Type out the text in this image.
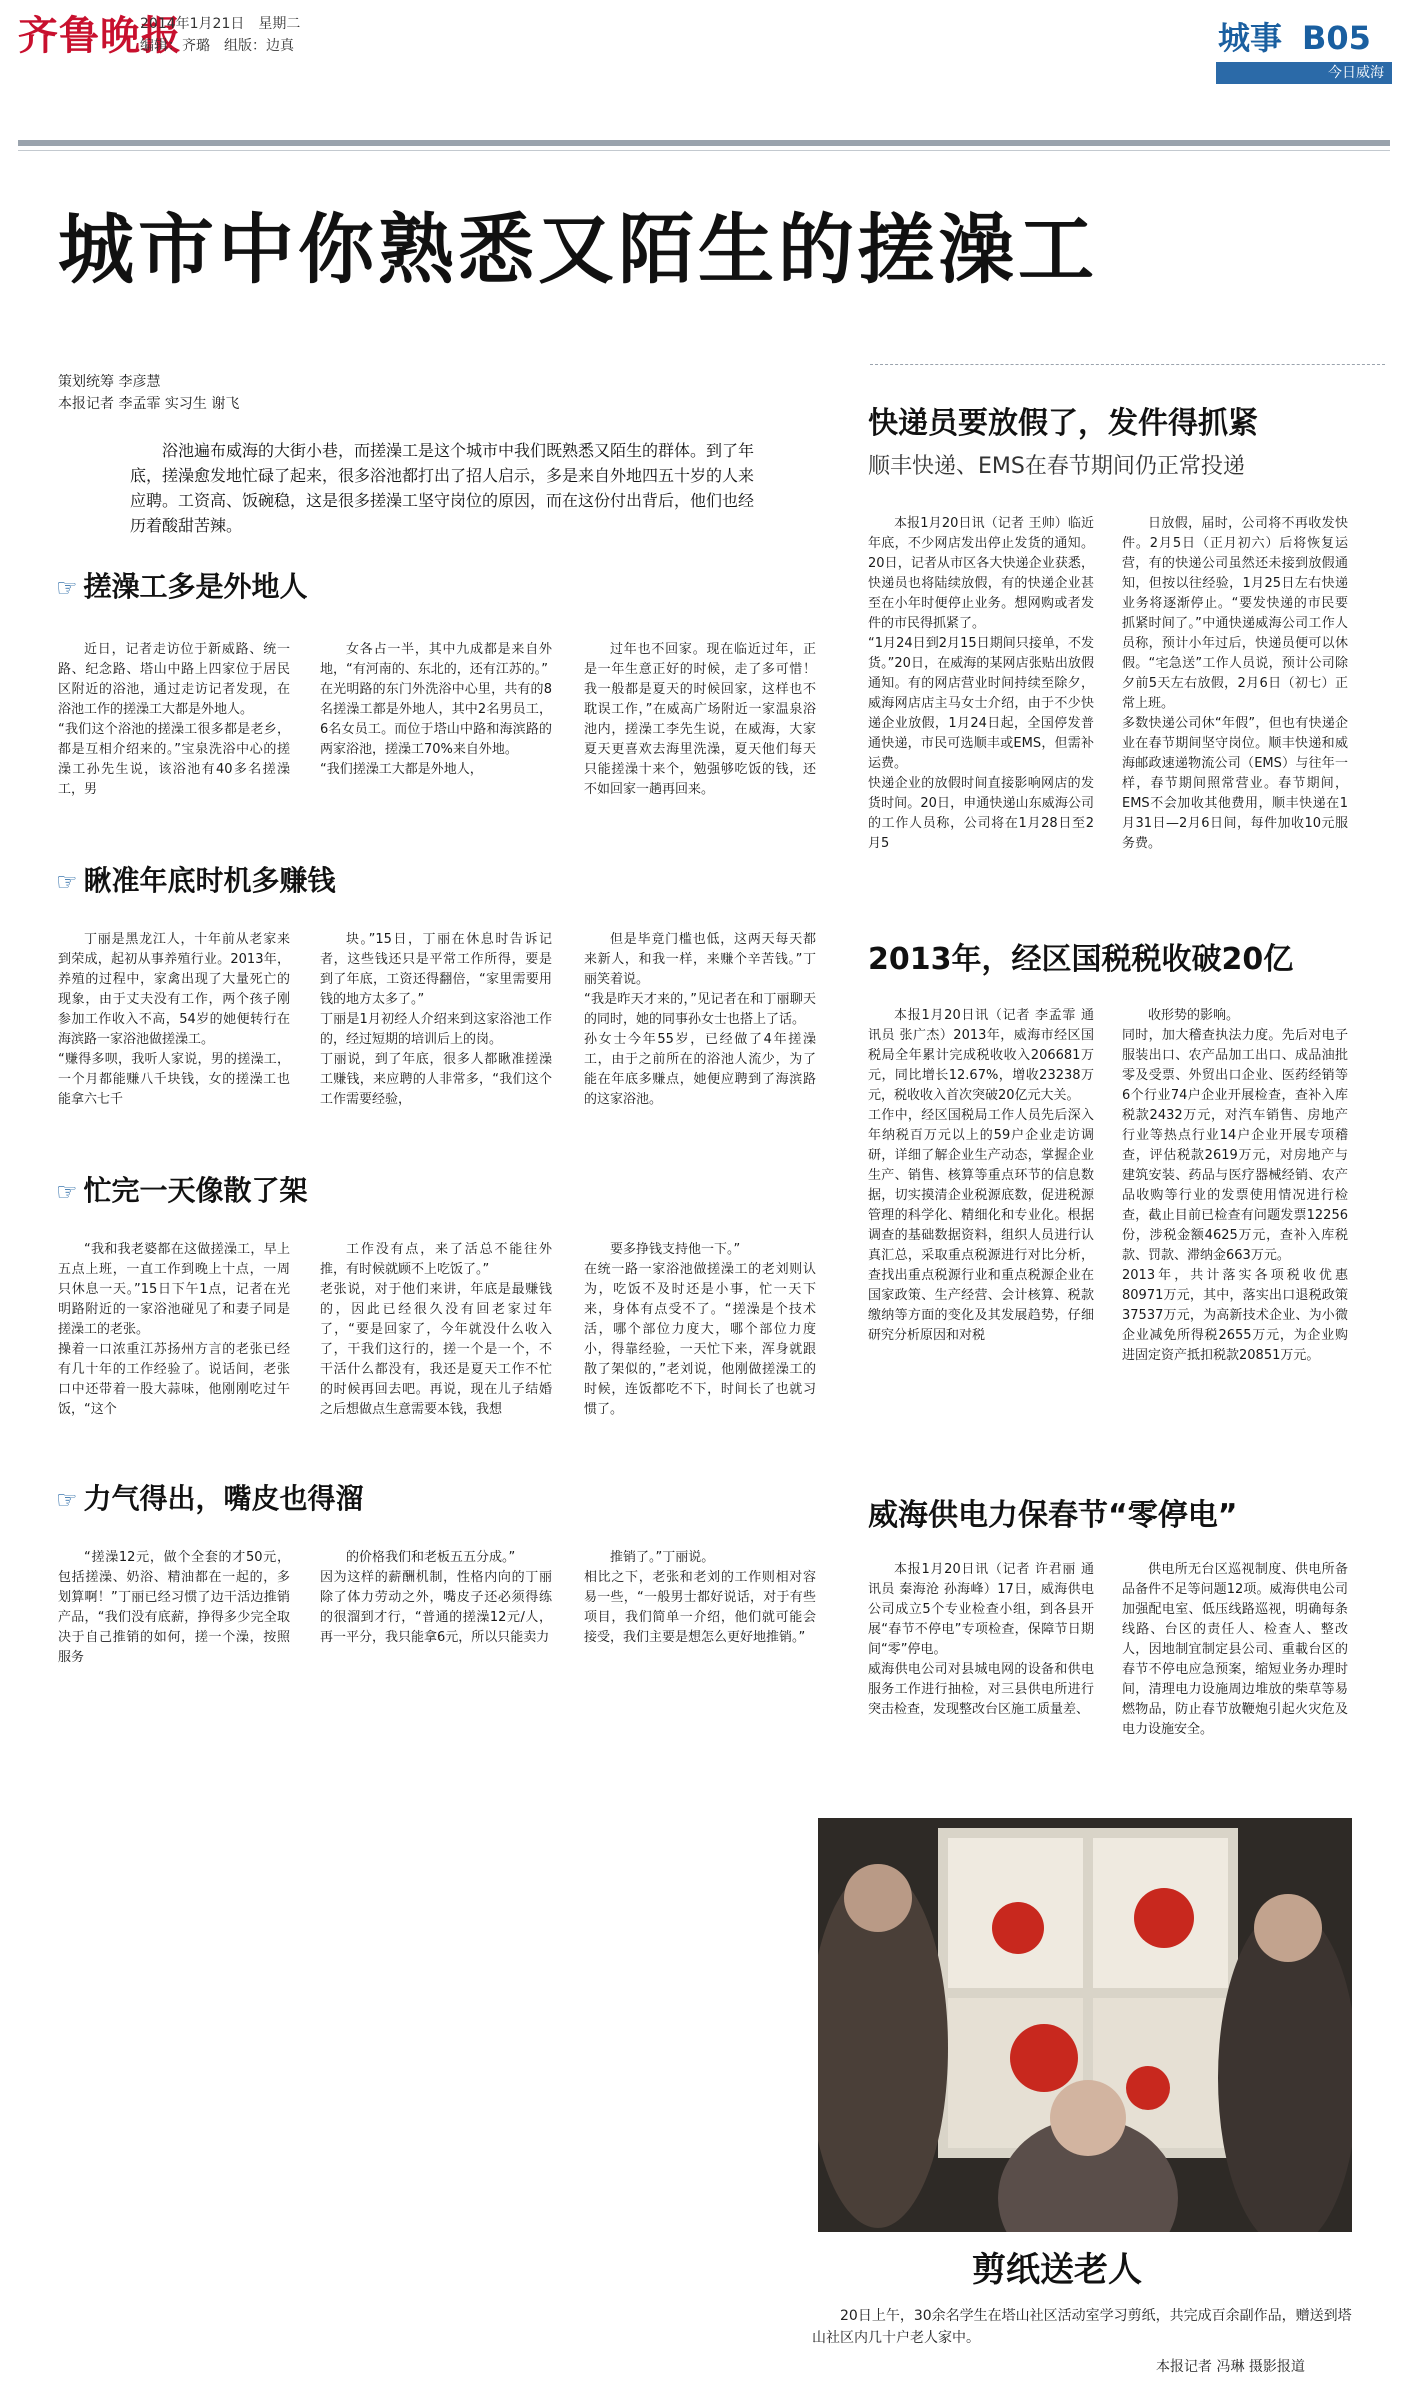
齐鲁晚报
2014年1月21日　星期二
编辑：齐璐　组版：边真	城事 B05
今日威海
城市中你熟悉又陌生的搓澡工
策划统筹 李彦慧
本报记者 李孟霏 实习生 谢飞
浴池遍布威海的大街小巷，而搓澡工是这个城市中我们既熟悉又陌生的群体。到了年底，搓澡愈发地忙碌了起来，很多浴池都打出了招人启示，多是来自外地四五十岁的人来应聘。工资高、饭碗稳，这是很多搓澡工坚守岗位的原因，而在这份付出背后，他们也经历着酸甜苦辣。
☞ 搓澡工多是外地人

近日，记者走访位于新威路、统一路、纪念路、塔山中路上四家位于居民区附近的浴池，通过走访记者发现，在浴池工作的搓澡工大都是外地人。
“我们这个浴池的搓澡工很多都是老乡，都是互相介绍来的。”宝泉洗浴中心的搓澡工孙先生说，该浴池有40多名搓澡工，男

女各占一半，其中九成都是来自外地，“有河南的、东北的，还有江苏的。”
在光明路的东门外洗浴中心里，共有的8名搓澡工都是外地人，其中2名男员工，6名女员工。而位于塔山中路和海滨路的两家浴池，搓澡工70%来自外地。
“我们搓澡工大都是外地人，

过年也不回家。现在临近过年，正是一年生意正好的时候，走了多可惜！我一般都是夏天的时候回家，这样也不耽误工作，”在威高广场附近一家温泉浴池内，搓澡工李先生说，在威海，大家夏天更喜欢去海里洗澡，夏天他们每天只能搓澡十来个，勉强够吃饭的钱，还不如回家一趟再回来。

☞ 瞅准年底时机多赚钱

丁丽是黑龙江人，十年前从老家来到荣成，起初从事养殖行业。2013年，养殖的过程中，家禽出现了大量死亡的现象，由于丈夫没有工作，两个孩子刚参加工作收入不高，54岁的她便转行在海滨路一家浴池做搓澡工。
“赚得多呗，我听人家说，男的搓澡工，一个月都能赚八千块钱，女的搓澡工也能拿六七千

块。”15日，丁丽在休息时告诉记者，这些钱还只是平常工作所得，要是到了年底，工资还得翻倍，“家里需要用钱的地方太多了。”
丁丽是1月初经人介绍来到这家浴池工作的，经过短期的培训后上的岗。
丁丽说，到了年底，很多人都瞅准搓澡工赚钱，来应聘的人非常多，“我们这个工作需要经验，

但是毕竟门槛也低，这两天每天都来新人，和我一样，来赚个辛苦钱。”丁丽笑着说。
“我是昨天才来的，”见记者在和丁丽聊天的同时，她的同事孙女士也搭上了话。
孙女士今年55岁，已经做了4年搓澡工，由于之前所在的浴池人流少，为了能在年底多赚点，她便应聘到了海滨路的这家浴池。

☞ 忙完一天像散了架

“我和我老婆都在这做搓澡工，早上五点上班，一直工作到晚上十点，一周只休息一天。”15日下午1点，记者在光明路附近的一家浴池碰见了和妻子同是搓澡工的老张。
操着一口浓重江苏扬州方言的老张已经有几十年的工作经验了。说话间，老张口中还带着一股大蒜味，他刚刚吃过午饭，“这个

工作没有点，来了活总不能往外推，有时候就顾不上吃饭了。”
老张说，对于他们来讲，年底是最赚钱的，因此已经很久没有回老家过年了，“要是回家了，今年就没什么收入了，干我们这行的，搓一个是一个，不干活什么都没有，我还是夏天工作不忙的时候再回去吧。再说，现在儿子结婚之后想做点生意需要本钱，我想

要多挣钱支持他一下。”
在统一路一家浴池做搓澡工的老刘则认为，吃饭不及时还是小事，忙一天下来，身体有点受不了。“搓澡是个技术活，哪个部位力度大，哪个部位力度小，得靠经验，一天忙下来，浑身就跟散了架似的，”老刘说，他刚做搓澡工的时候，连饭都吃不下，时间长了也就习惯了。

☞ 力气得出，嘴皮也得溜

“搓澡12元，做个全套的才50元，包括搓澡、奶浴、精油都在一起的，多划算啊！”丁丽已经习惯了边干活边推销产品，“我们没有底薪，挣得多少完全取决于自己推销的如何，搓一个澡，按照服务

的价格我们和老板五五分成。”
因为这样的薪酬机制，性格内向的丁丽除了体力劳动之外，嘴皮子还必须得练的很溜到才行，“普通的搓澡12元/人，再一平分，我只能拿6元，所以只能卖力

推销了。”丁丽说。
相比之下，老张和老刘的工作则相对容易一些，“一般男士都好说话，对于有些项目，我们简单一介绍，他们就可能会接受，我们主要是想怎么更好地推销。”

快递员要放假了，发件得抓紧
顺丰快递、EMS在春节期间仍正常投递

本报1月20日讯（记者 王帅）临近年底，不少网店发出停止发货的通知。20日，记者从市区各大快递企业获悉，快递员也将陆续放假，有的快递企业甚至在小年时便停止业务。想网购或者发件的市民得抓紧了。
“1月24日到2月15日期间只接单，不发货。”20日，在威海的某网店张贴出放假通知。有的网店营业时间持续至除夕，威海网店店主马女士介绍，由于不少快递企业放假，1月24日起，全国停发普通快递，市民可选顺丰或EMS，但需补运费。
快递企业的放假时间直接影响网店的发货时间。20日，申通快递山东威海公司的工作人员称，公司将在1月28日至2月5

日放假，届时，公司将不再收发快件。2月5日（正月初六）后将恢复运营，有的快递公司虽然还未接到放假通知，但按以往经验，1月25日左右快递业务将逐渐停止。“要发快递的市民要抓紧时间了。”中通快递威海公司工作人员称，预计小年过后，快递员便可以休假。“宅急送”工作人员说，预计公司除夕前5天左右放假，2月6日（初七）正常上班。
多数快递公司休“年假”，但也有快递企业在春节期间坚守岗位。顺丰快递和威海邮政速递物流公司（EMS）与往年一样，春节期间照常营业。春节期间，EMS不会加收其他费用，顺丰快递在1月31日—2月6日间，每件加收10元服务费。

2013年，经区国税税收破20亿

本报1月20日讯（记者 李孟霏 通讯员 张广杰）2013年，威海市经区国税局全年累计完成税收收入206681万元，同比增长12.67%，增收23238万元，税收收入首次突破20亿元大关。
工作中，经区国税局工作人员先后深入年纳税百万元以上的59户企业走访调研，详细了解企业生产动态，掌握企业生产、销售、核算等重点环节的信息数据，切实摸清企业税源底数，促进税源管理的科学化、精细化和专业化。根据调查的基础数据资料，组织人员进行认真汇总，采取重点税源进行对比分析，查找出重点税源行业和重点税源企业在国家政策、生产经营、会计核算、税款缴纳等方面的变化及其发展趋势，仔细研究分析原因和对税

收形势的影响。
同时，加大稽查执法力度。先后对电子服装出口、农产品加工出口、成品油批零及受票、外贸出口企业、医药经销等6个行业74户企业开展检查，查补入库税款2432万元，对汽车销售、房地产行业等热点行业14户企业开展专项稽查，评估税款2619万元，对房地产与建筑安装、药品与医疗器械经销、农产品收购等行业的发票使用情况进行检查，截止目前已检查有问题发票12256份，涉税金额4625万元，查补入库税款、罚款、滞纳金663万元。
2013年，共计落实各项税收优惠80971万元，其中，落实出口退税政策37537万元，为高新技术企业、为小微企业减免所得税2655万元，为企业购进固定资产抵扣税款20851万元。

威海供电力保春节“零停电”

本报1月20日讯（记者 许君丽 通讯员 秦海沧 孙海峰）17日，威海供电公司成立5个专业检查小组，到各县开展“春节不停电”专项检查，保障节日期间“零”停电。
威海供电公司对县城电网的设备和供电服务工作进行抽检，对三县供电所进行突击检查，发现整改台区施工质量差、

供电所无台区巡视制度、供电所备品备件不足等问题12项。威海供电公司加强配电室、低压线路巡视，明确每条线路、台区的责任人、检查人、整改人，因地制宜制定县公司、重載台区的春节不停电应急预案，缩短业务办理时间，清理电力设施周边堆放的柴草等易燃物品，防止春节放鞭炮引起火灾危及电力设施安全。

剪纸送老人
20日上午，30余名学生在塔山社区活动室学习剪纸，共完成百余副作品，赠送到塔山社区内几十户老人家中。
本报记者 冯琳 摄影报道
